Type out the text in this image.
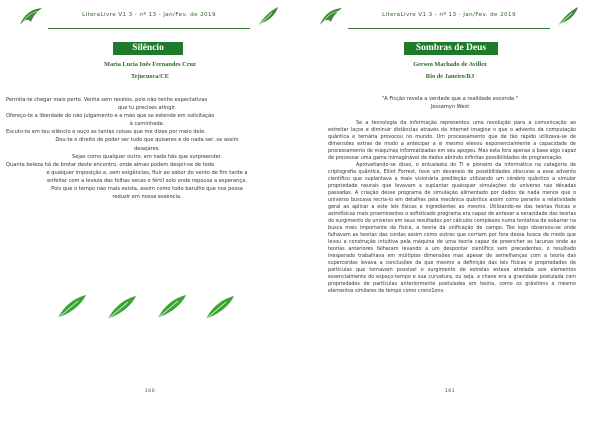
LiteraLivre V1 3 - nº 13 - Jan/Fev. de 2019
Silêncio
Maria Lucia Inês Fernandes Cruz
Tejucuoca/CE
Permita-te chegar mais perto. Venha sem receios, pois não tenho expectativas
que tu precises atingir.
Ofereço-te a liberdade do não julgamento e a mão que se estende em solicitação
à caminhada.
Escuto-te em teu silêncio e ouço as tantas coisas que me dizes por meio dele.
Dou-te o direito de poder ser tudo que quiseres e de nada ser, se assim
desejares.
Sejas como qualquer outro, em nada hás que surpreender.
Quanta beleza há de brotar deste encontro, onde almas podem despir-se de toda
e qualquer imposição e, sem exigências, fluir ao sabor do vento de fim tarde a
enfeitar com a leveza das folhas secas o fértil solo onde repousa a esperança.
Pois que o tempo não mais exista, assim como todo barulho que nos possa
reduzir em nossa essência.
160
LiteraLivre V1 3 - nº 13 - Jan/Fev. de 2019
Sombras de Deus
Gerson Machado de Avillez
Rio de Janeiro/RJ
"A Ficção revela a verdade que a realidade esconde."
Jessamyn West

Se a tecnologia da informação representou uma revolução para a comunicação ao estreitar laços e diminuir distâncias através da internet imagine o que o advento da computação quântica e ternária provocou no mundo. Um processamento que de tão rápido utilizava-se de dimensões extras de modo a antecipar a si mesmo elevou exponencialmente a capacidade de processamento de máquinas informatizadas em seu apogeu. Mas esta fora apenas a base algo capaz de processar uma gama inimaginável de dados abrindo infinitas possibilidades de programação.

Aproveitando-se disso, o entusiasta do TI e pioneiro da informática na categoria de criptografia quântica, Elliot Forrest, teve um devaneio de possibilidades obscuras a esse advento científico que suplantava a mais visionária predileção utilizando um cérebro quântico a simular propriedade neurais que levavam a suplantar quaisquer simulações do universo nas décadas passadas. A criação desse programa de simulação alimentado por dados de nada menos que o universo buscava recria-lo em detalhes pela mecânica quântica assim como perante a relatividade geral ao aplicar a este leis físicas e ingredientes ao mesmo. Utilizando-se das teorias físicas e astrofísicas mais proeminentes o sofisticado programa era capaz de antever a veracidade das teorias do surgimento do universo em seus resultados por cálculos complexos numa tentativa de esbarrar na busca mais importante da física, a teoria da unificação de campo. Tão logo observou-se onde falhavam as teorias das cordas assim como outras que corriam por fora dessa busca de modo que levou a construção intuitiva pela máquina de uma teoria capaz de preencher as lacunas onde as teorias anteriores falharam levando a um despontar científico sem precedentes, o resultado inesperado trabalhava em múltiplas dimensões mas apesar de semelhanças com a teoria das supercordas levava a conclusões de que mesmo a definição das leis físicas e propriedades de partículas que tornavam possível o surgimento de estrelas estava atrelada aos elementos essencialmente do espaço-tempo e sua curvatura, ou seja, a chave era a gravidade postulada com propriedades de partículas anteriormente postuladas em teoria, como os grávitons e mesmo elementos similares de tempo como crono1ons.

161
